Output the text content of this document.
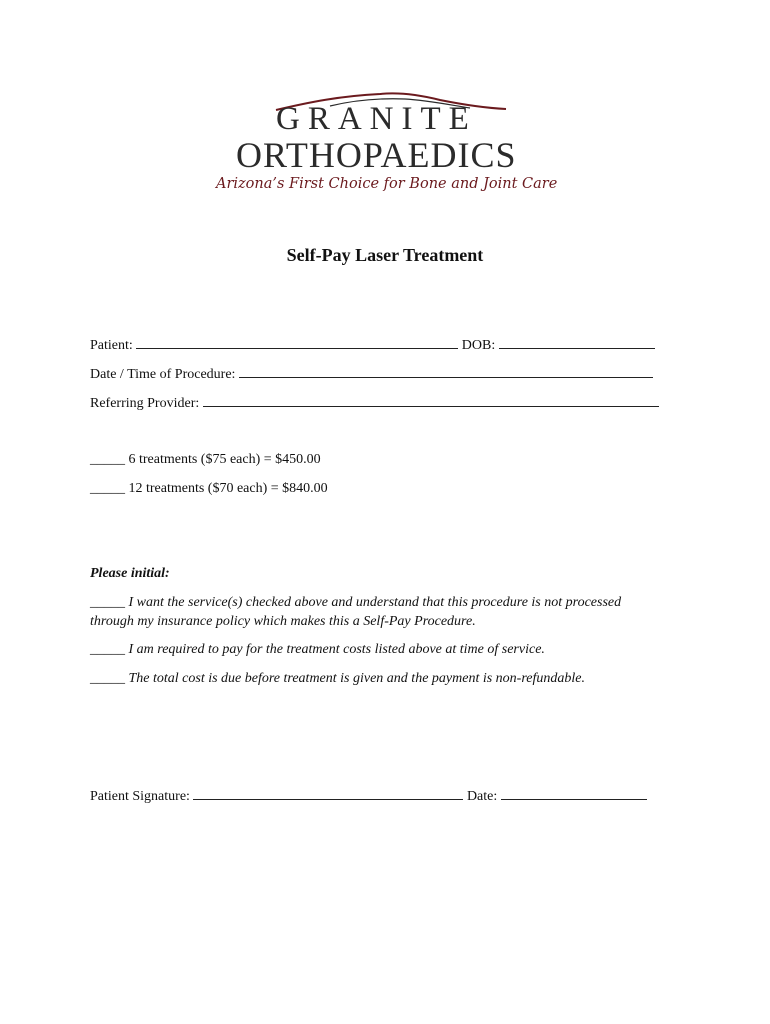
GRANITE
ORTHOPAEDICS
Arizona’s First Choice for Bone and Joint Care
Self-Pay Laser Treatment
Patient:	DOB:
Date / Time of Procedure:
Referring Provider:
_____ 6 treatments ($75 each) = $450.00
_____ 12 treatments ($70 each) = $840.00
Please initial:
_____ I want the service(s) checked above and understand that this procedure is not processed
through my insurance policy which makes this a Self-Pay Procedure.
_____ I am required to pay for the treatment costs listed above at time of service.
_____ The total cost is due before treatment is given and the payment is non-refundable.
Patient Signature:	Date:
